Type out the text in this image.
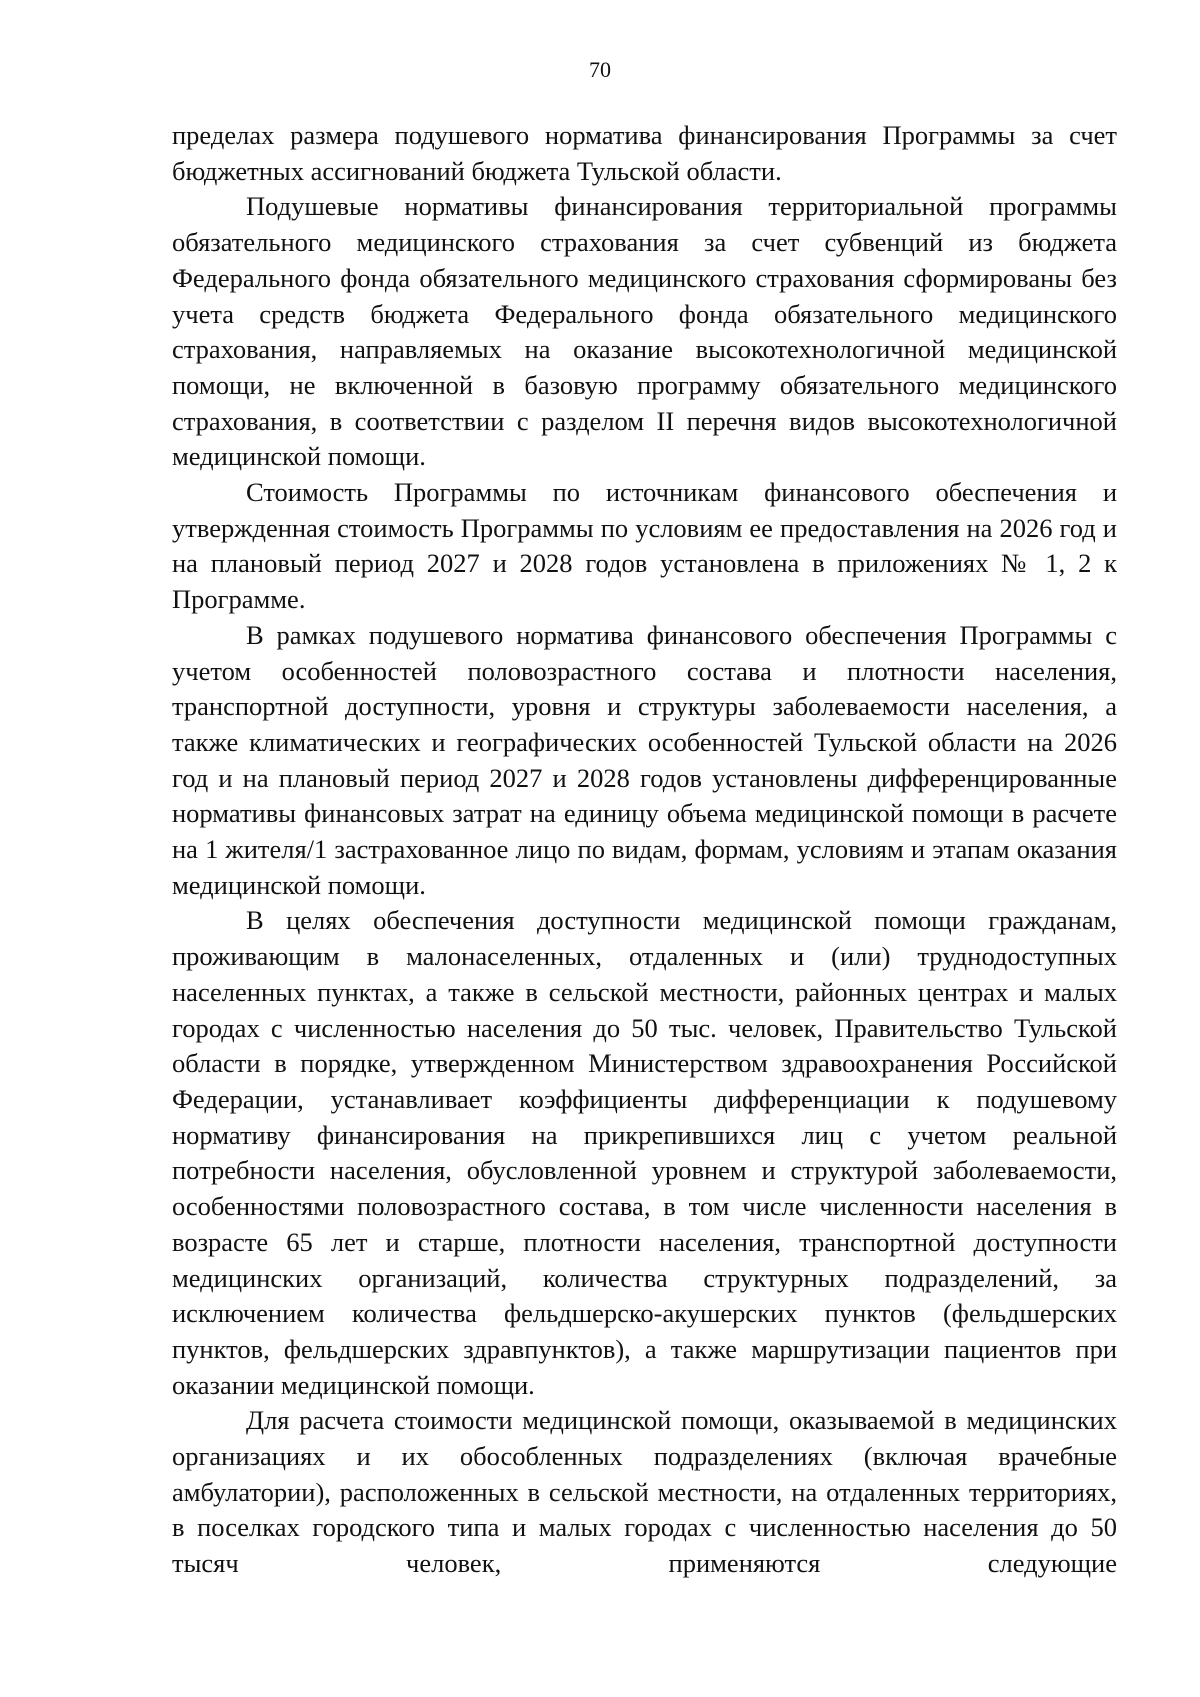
70

пределах размера подушевого норматива финансирования Программы за счет бюджетных ассигнований бюджета Тульской области.

Подушевые нормативы финансирования территориальной программы обязательного медицинского страхования за счет субвенций из бюджета Федерального фонда обязательного медицинского страхования сформированы без учета средств бюджета Федерального фонда обязательного медицинского страхования, направляемых на оказание высокотехнологичной медицинской помощи, не включенной в базовую программу обязательного медицинского страхования, в соответствии с разделом II перечня видов высокотехнологичной медицинской помощи.

Стоимость Программы по источникам финансового обеспечения и утвержденная стоимость Программы по условиям ее предоставления на 2026 год и на плановый период 2027 и 2028 годов установлена в приложениях № 1, 2 к Программе.

В рамках подушевого норматива финансового обеспечения Программы с учетом особенностей половозрастного состава и плотности населения, транспортной доступности, уровня и структуры заболеваемости населения, а также климатических и географических особенностей Тульской области на 2026 год и на плановый период 2027 и 2028 годов установлены дифференцированные нормативы финансовых затрат на единицу объема медицинской помощи в расчете на 1 жителя/1 застрахованное лицо по видам, формам, условиям и этапам оказания медицинской помощи.

В целях обеспечения доступности медицинской помощи гражданам, проживающим в малонаселенных, отдаленных и (или) труднодоступных населенных пунктах, а также в сельской местности, районных центрах и малых городах с численностью населения до 50 тыс. человек, Правительство Тульской области в порядке, утвержденном Министерством здравоохранения Российской Федерации, устанавливает коэффициенты дифференциации к подушевому нормативу финансирования на прикрепившихся лиц с учетом реальной потребности населения, обусловленной уровнем и структурой заболеваемости, особенностями половозрастного состава, в том числе численности населения в возрасте 65 лет и старше, плотности населения, транспортной доступности медицинских организаций, количества структурных подразделений, за исключением количества фельдшерско-акушерских пунктов (фельдшерских пунктов, фельдшерских здравпунктов), а также маршрутизации пациентов при оказании медицинской помощи.

Для расчета стоимости медицинской помощи, оказываемой в медицинских организациях и их обособленных подразделениях (включая врачебные амбулатории), расположенных в сельской местности, на отдаленных территориях, в поселках городского типа и малых городах с численностью населения до 50 тысяч человек, применяются следующие
